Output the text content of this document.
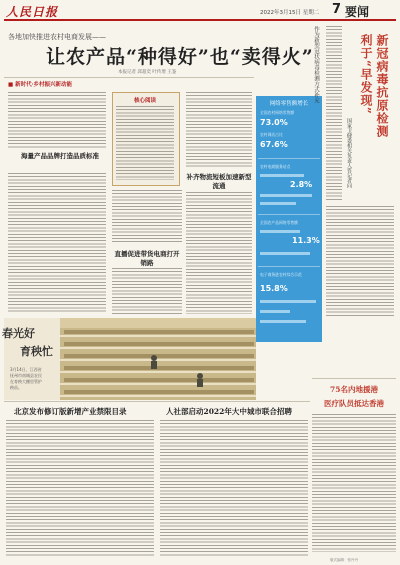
人民日报	2022年3月15日 星期二 7 要闻
各地加快推进农村电商发展——
让农产品“种得好”也“卖得火”
本报记者 邱超奕 叶传增 王崟
■ 新时代·乡村振兴新动能
海量产品品牌打造品质标准
核心阅读
直播促进带货电商打开销路
补齐物流短板加速新型流通
网络零售额增长
全国农村网络零售额
73.0%
农村网店占比
67.6%
农村电商服务站点
2.8%
全国农产品网络零售额
11.3%
电子商务进农村综合示范
15.8%
作为新型冠状病毒检测方式补充	新冠病毒抗原检测
利于“早发现”
国家卫健委相关负责人答记者问
春光好
育秧忙
3月14日，江西省抚州市南城县农民在育秧大棚里管护秧苗。	75名内地援港
医疗队员抵达香港
北京发布修订版新增产业禁限目录	人社部启动2022年大中城市联合招聘
版式编辑：张丹丹
